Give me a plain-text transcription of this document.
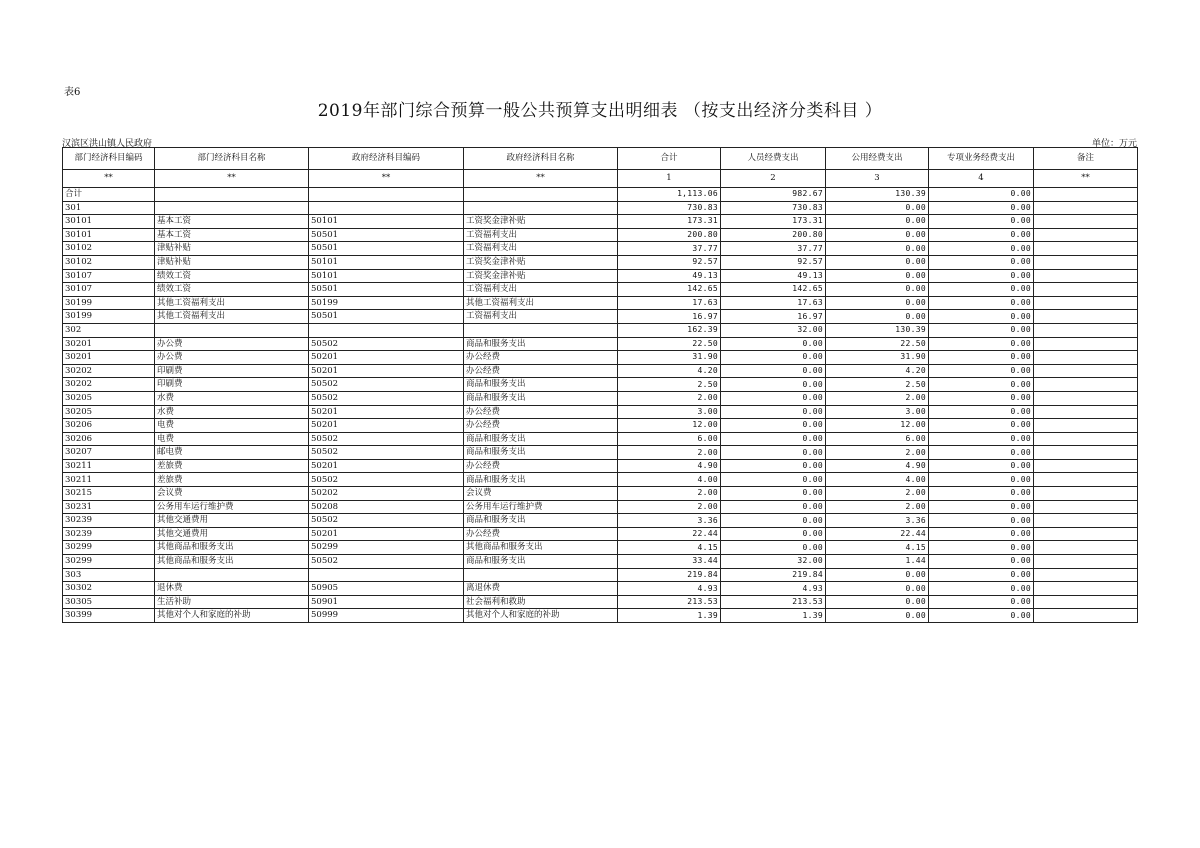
表6
2019年部门综合预算一般公共预算支出明细表 （按支出经济分类科目 ）
汉滨区洪山镇人民政府	单位：万元
部门经济科目编码	部门经济科目名称	政府经济科目编码	政府经济科目名称	合计	人员经费支出	公用经费支出	专项业务经费支出	备注
**	**	**	**	1	2	3	4	**
合计				1,113.06	982.67	130.39	0.00	
301				730.83	730.83	0.00	0.00	
30101	基本工资	50101	工资奖金津补贴	173.31	173.31	0.00	0.00	
30101	基本工资	50501	工资福利支出	200.80	200.80	0.00	0.00	
30102	津贴补贴	50501	工资福利支出	37.77	37.77	0.00	0.00	
30102	津贴补贴	50101	工资奖金津补贴	92.57	92.57	0.00	0.00	
30107	绩效工资	50101	工资奖金津补贴	49.13	49.13	0.00	0.00	
30107	绩效工资	50501	工资福利支出	142.65	142.65	0.00	0.00	
30199	其他工资福利支出	50199	其他工资福利支出	17.63	17.63	0.00	0.00	
30199	其他工资福利支出	50501	工资福利支出	16.97	16.97	0.00	0.00	
302				162.39	32.00	130.39	0.00	
30201	办公费	50502	商品和服务支出	22.50	0.00	22.50	0.00	
30201	办公费	50201	办公经费	31.90	0.00	31.90	0.00	
30202	印刷费	50201	办公经费	4.20	0.00	4.20	0.00	
30202	印刷费	50502	商品和服务支出	2.50	0.00	2.50	0.00	
30205	水费	50502	商品和服务支出	2.00	0.00	2.00	0.00	
30205	水费	50201	办公经费	3.00	0.00	3.00	0.00	
30206	电费	50201	办公经费	12.00	0.00	12.00	0.00	
30206	电费	50502	商品和服务支出	6.00	0.00	6.00	0.00	
30207	邮电费	50502	商品和服务支出	2.00	0.00	2.00	0.00	
30211	差旅费	50201	办公经费	4.90	0.00	4.90	0.00	
30211	差旅费	50502	商品和服务支出	4.00	0.00	4.00	0.00	
30215	会议费	50202	会议费	2.00	0.00	2.00	0.00	
30231	公务用车运行维护费	50208	公务用车运行维护费	2.00	0.00	2.00	0.00	
30239	其他交通费用	50502	商品和服务支出	3.36	0.00	3.36	0.00	
30239	其他交通费用	50201	办公经费	22.44	0.00	22.44	0.00	
30299	其他商品和服务支出	50299	其他商品和服务支出	4.15	0.00	4.15	0.00	
30299	其他商品和服务支出	50502	商品和服务支出	33.44	32.00	1.44	0.00	
303				219.84	219.84	0.00	0.00	
30302	退休费	50905	离退休费	4.93	4.93	0.00	0.00	
30305	生活补助	50901	社会福利和救助	213.53	213.53	0.00	0.00	
30399	其他对个人和家庭的补助	50999	其他对个人和家庭的补助	1.39	1.39	0.00	0.00	
